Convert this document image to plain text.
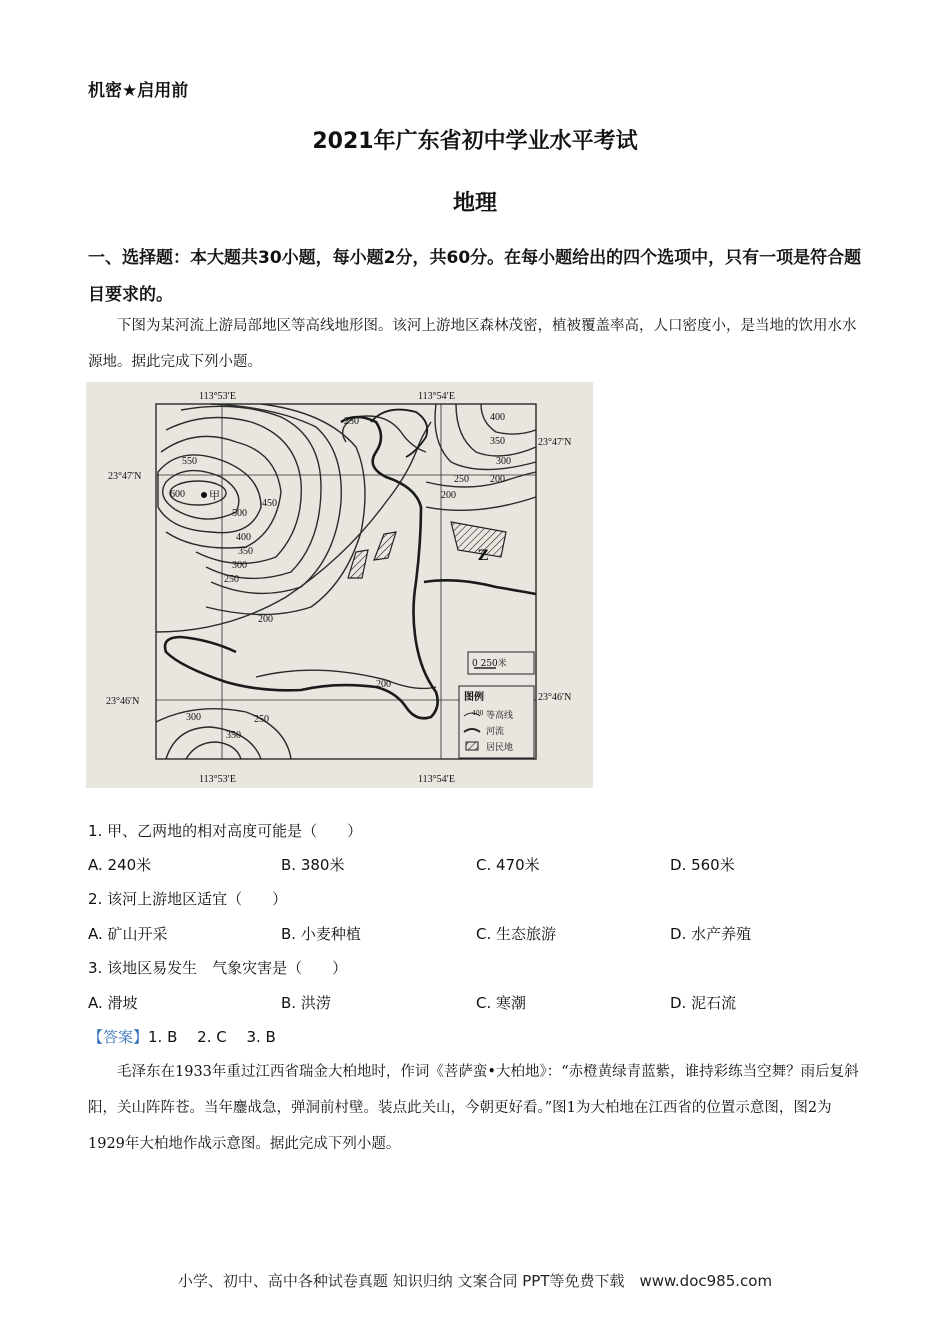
机密★启用前
2021年广东省初中学业水平考试
地理
一、选择题：本大题共30小题，每小题2分，共60分。在每小题给出的四个选项中，只有一项是符合题目要求的。
下图为某河流上游局部地区等高线地形图。该河上游地区森林茂密，植被覆盖率高，人口密度小，是当地的饮用水水源地。据此完成下列小题。
甲
Z
113°53′E
113°53′E
113°54′E
113°54′E
23°47′N
23°47′N
23°46′N	23°46′N
600
550
500
450
400
350
300
250
200
250
200
200
250
300
350
400
350
300
250
200
0 250米
图例
400 等高线
河流
居民地
1. 甲、乙两地的相对高度可能是（　　）
A. 240米	B. 380米	C. 470米	D. 560米
2. 该河上游地区适宜（　　）
A. 矿山开采	B. 小麦种植	C. 生态旅游	D. 水产养殖
3. 该地区易发生　气象灾害是（　　）
A. 滑坡	B. 洪涝	C. 寒潮	D. 泥石流
【答案】1. B　 2. C　 3. B
毛泽东在1933年重过江西省瑞金大柏地时，作词《菩萨蛮•大柏地》：“赤橙黄绿青蓝紫，谁持彩练当空舞？雨后复斜阳，关山阵阵苍。当年鏖战急，弹洞前村壁。装点此关山，今朝更好看。”图1为大柏地在江西省的位置示意图，图2为1929年大柏地作战示意图。据此完成下列小题。
小学、初中、高中各种试卷真题 知识归纳 文案合同 PPT等免费下载　www.doc985.com
